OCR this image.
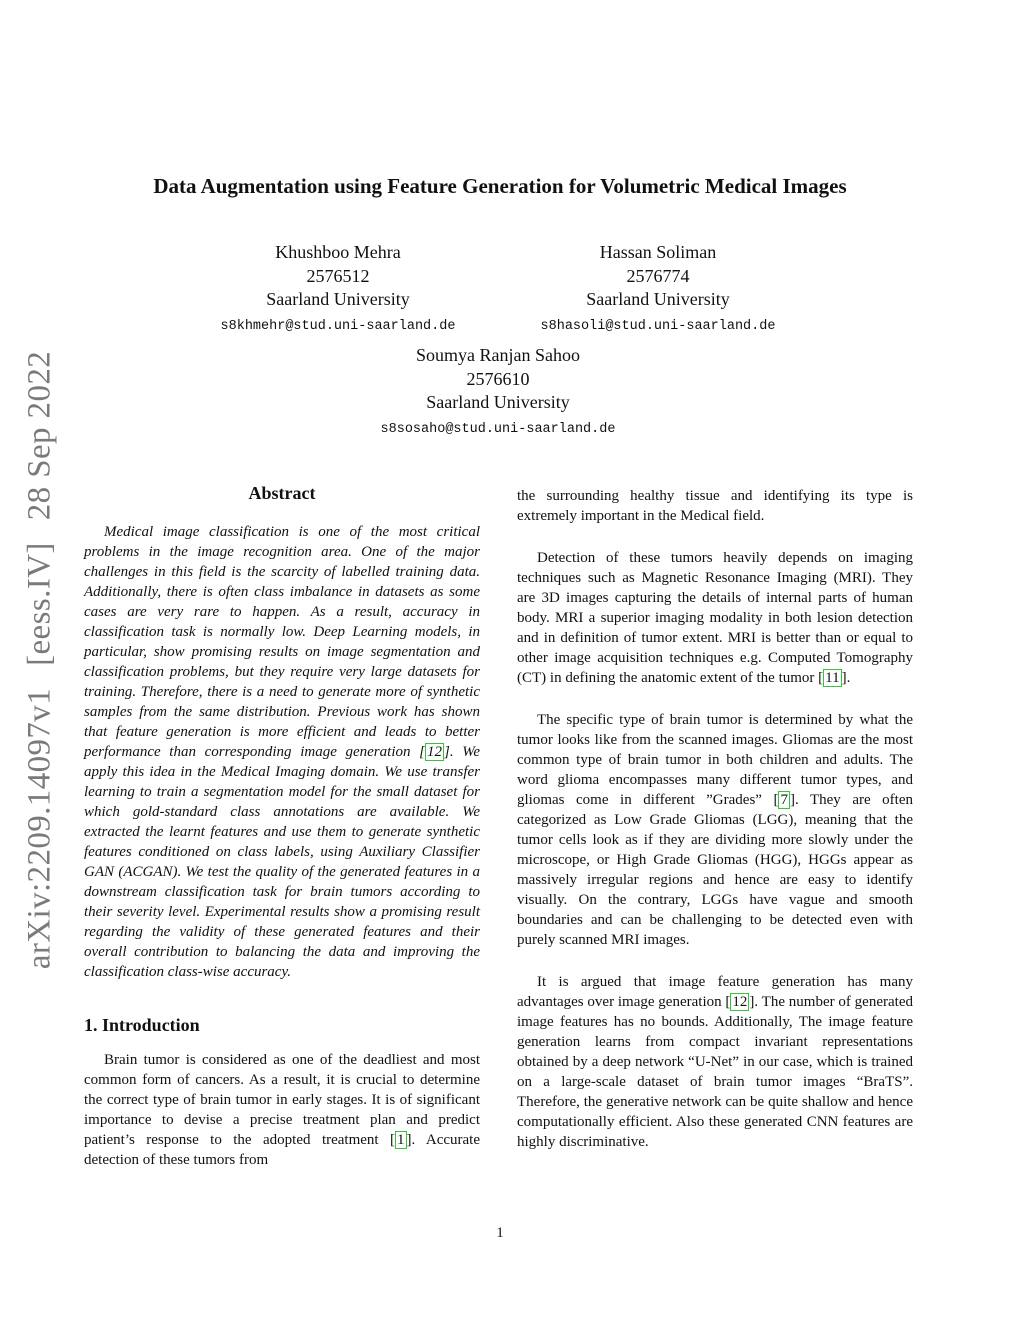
arXiv:2209.14097v1[eess.IV]28 Sep 2022
Data Augmentation using Feature Generation for Volumetric Medical Images
Khushboo Mehra
2576512
Saarland University
s8khmehr@stud.uni-saarland.de
Hassan Soliman
2576774
Saarland University
s8hasoli@stud.uni-saarland.de
Soumya Ranjan Sahoo
2576610
Saarland University
s8sosaho@stud.uni-saarland.de
Abstract

Medical image classification is one of the most critical problems in the image recognition area. One of the major challenges in this field is the scarcity of labelled training data. Additionally, there is often class imbalance in datasets as some cases are very rare to happen. As a result, accuracy in classification task is normally low. Deep Learning models, in particular, show promising results on image segmentation and classification problems, but they require very large datasets for training. Therefore, there is a need to generate more of synthetic samples from the same distribution. Previous work has shown that feature generation is more efficient and leads to better performance than corresponding image generation [ 12 ]. We apply this idea in the Medical Imaging domain. We use transfer learning to train a segmentation model for the small dataset for which gold-standard class annotations are available. We extracted the learnt features and use them to generate synthetic features conditioned on class labels, using Auxiliary Classifier GAN (ACGAN). We test the quality of the generated features in a downstream classification task for brain tumors according to their severity level. Experimental results show a promising result regarding the validity of these generated features and their overall contribution to balancing the data and improving the classification class-wise accuracy.

1. Introduction

Brain tumor is considered as one of the deadliest and most common form of cancers. As a result, it is crucial to determine the correct type of brain tumor in early stages. It is of significant importance to devise a precise treatment plan and predict patient’s response to the adopted treatment [ 1 ]. Accurate detection of these tumors from

the surrounding healthy tissue and identifying its type is extremely important in the Medical field.

Detection of these tumors heavily depends on imaging techniques such as Magnetic Resonance Imaging (MRI). They are 3D images capturing the details of internal parts of human body. MRI a superior imaging modality in both lesion detection and in definition of tumor extent. MRI is better than or equal to other image acquisition techniques e.g. Computed Tomography (CT) in defining the anatomic extent of the tumor [ 11 ].

The specific type of brain tumor is determined by what the tumor looks like from the scanned images. Gliomas are the most common type of brain tumor in both children and adults. The word glioma encompasses many different tumor types, and gliomas come in different ”Grades” [ 7 ]. They are often categorized as Low Grade Gliomas (LGG), meaning that the tumor cells look as if they are dividing more slowly under the microscope, or High Grade Gliomas (HGG), HGGs appear as massively irregular regions and hence are easy to identify visually. On the contrary, LGGs have vague and smooth boundaries and can be challenging to be detected even with purely scanned MRI images.

It is argued that image feature generation has many advantages over image generation [ 12 ]. The number of generated image features has no bounds. Additionally, The image feature generation learns from compact invariant representations obtained by a deep network “U-Net” in our case, which is trained on a large-scale dataset of brain tumor images “BraTS”. Therefore, the generative network can be quite shallow and hence computationally efficient. Also these generated CNN features are highly discriminative.

1
